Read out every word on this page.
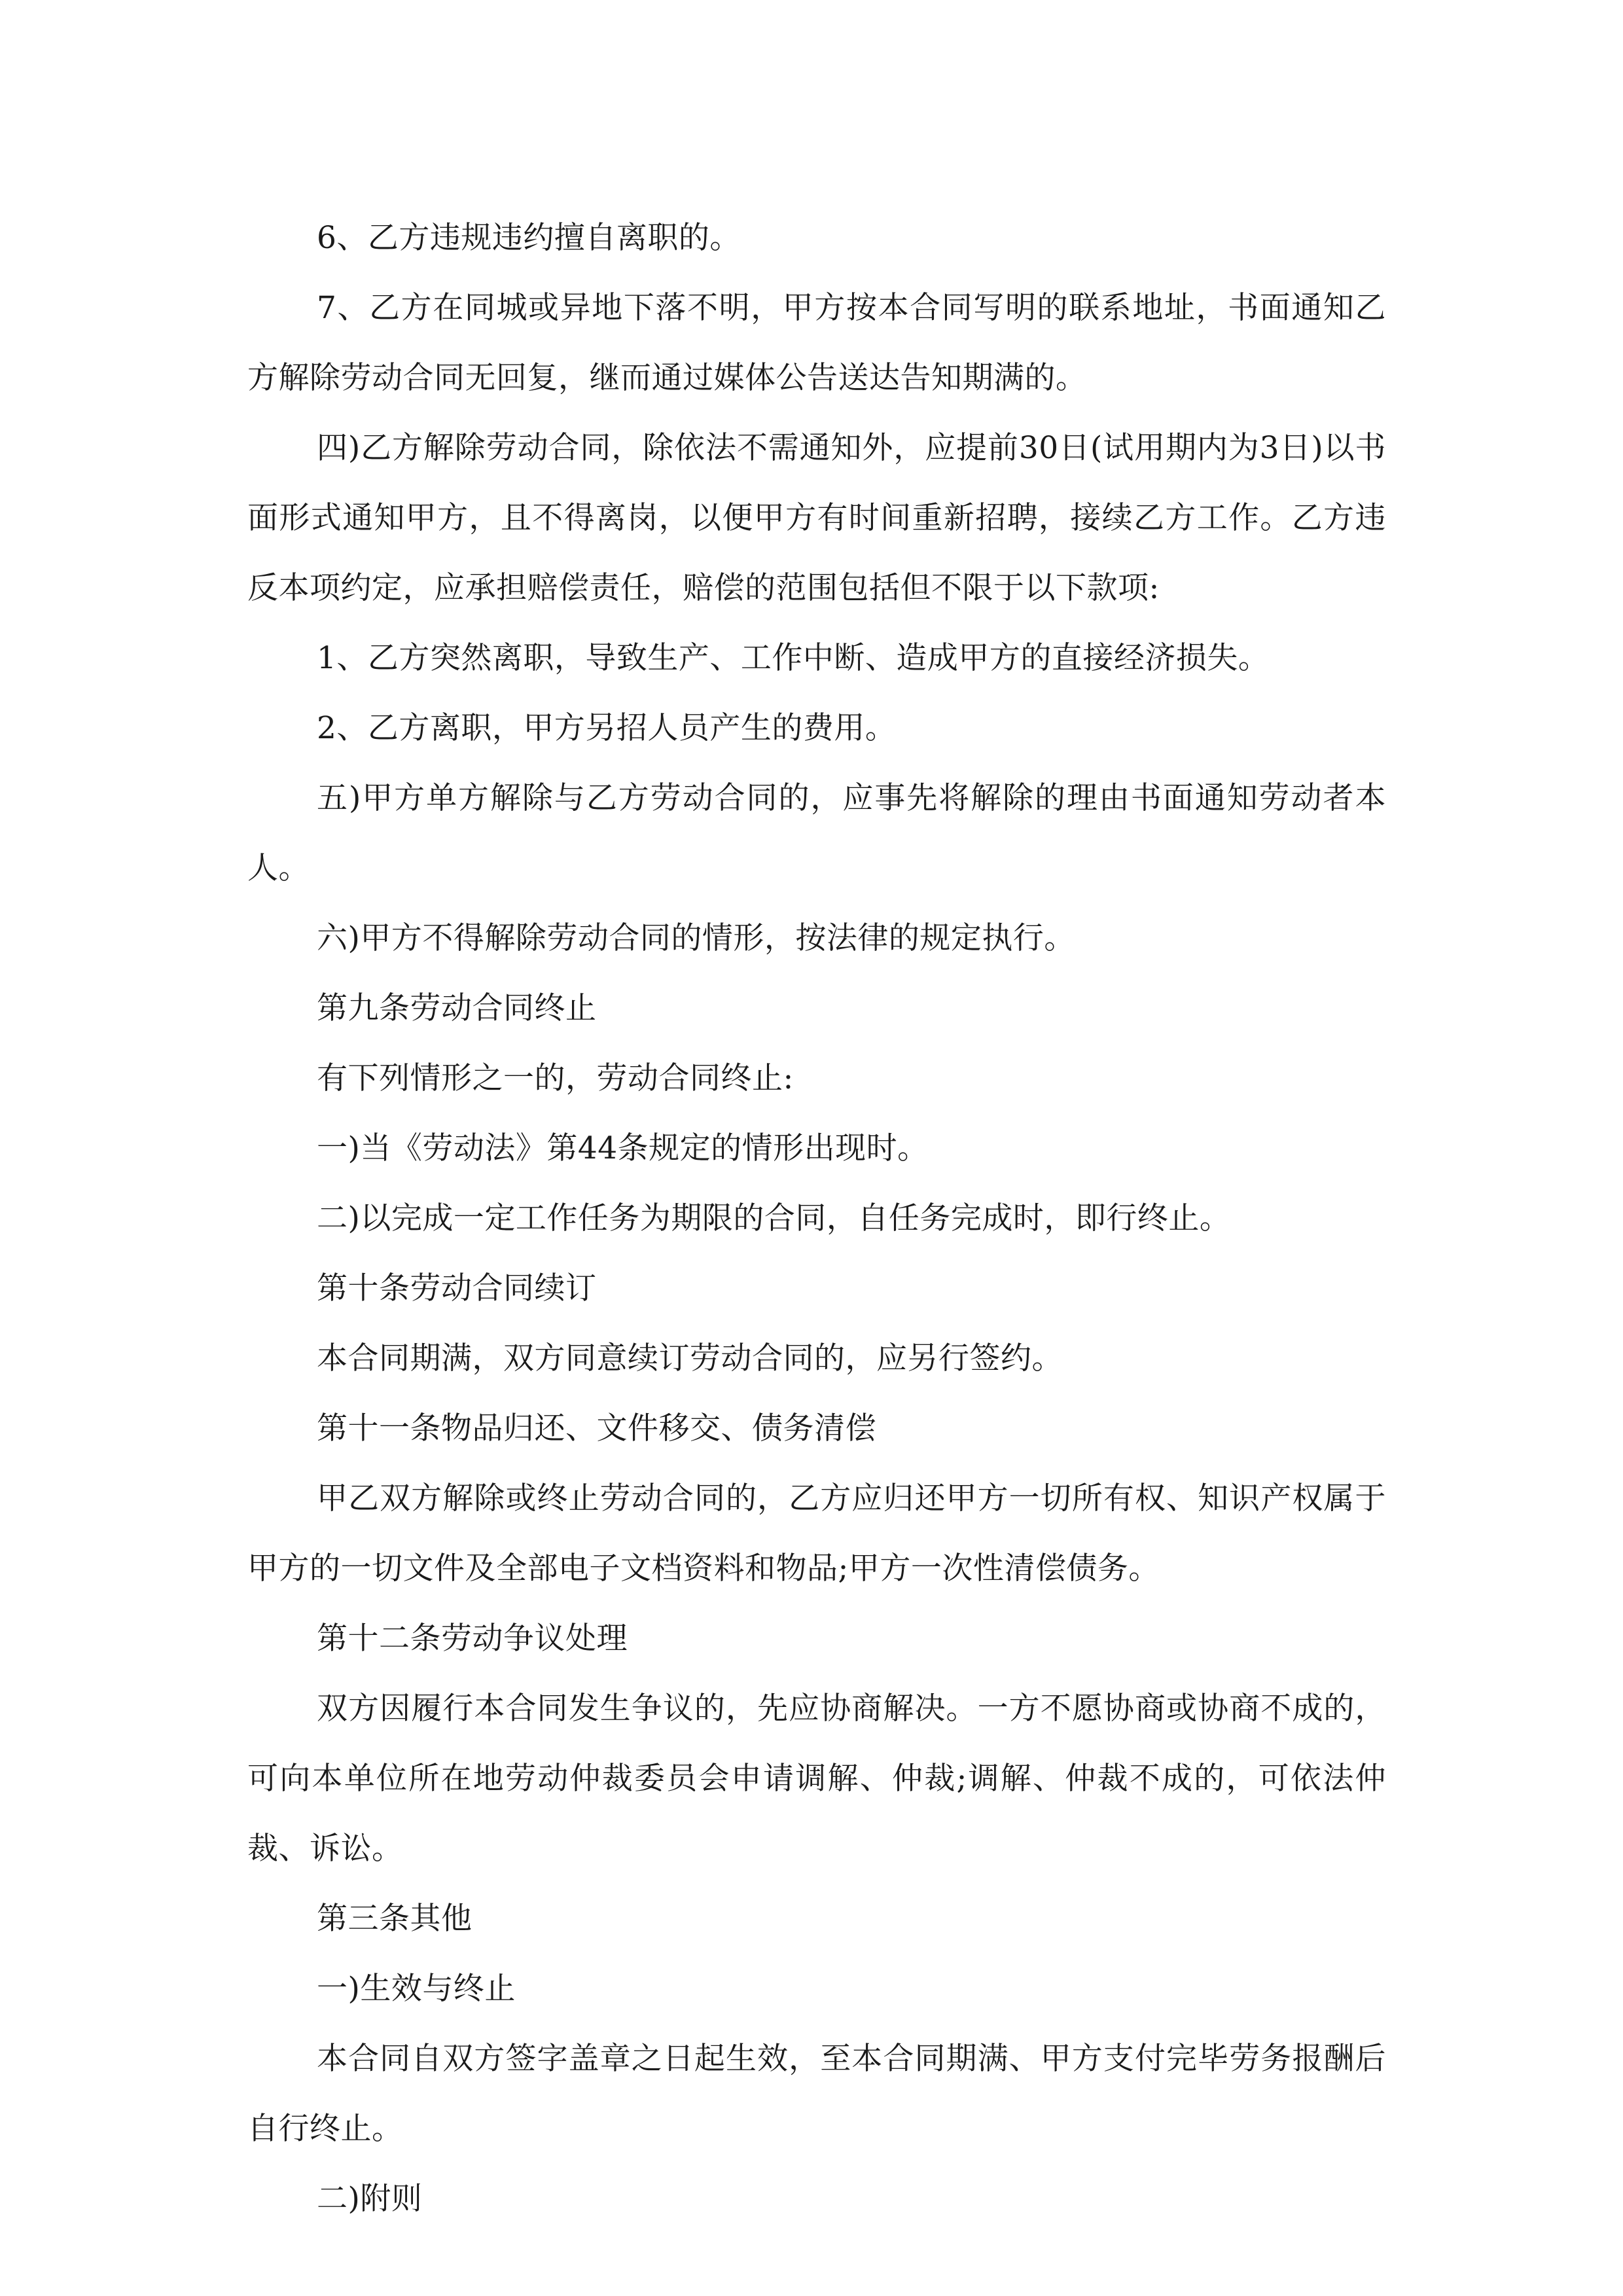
6、乙方违规违约擅自离职的。

7、乙方在同城或异地下落不明，甲方按本合同写明的联系地址，书面通知乙方解除劳动合同无回复，继而通过媒体公告送达告知期满的。

四)乙方解除劳动合同，除依法不需通知外，应提前30日(试用期内为3日)以书面形式通知甲方，且不得离岗，以便甲方有时间重新招聘，接续乙方工作。乙方违反本项约定，应承担赔偿责任，赔偿的范围包括但不限于以下款项:

1、乙方突然离职，导致生产、工作中断、造成甲方的直接经济损失。

2、乙方离职，甲方另招人员产生的费用。

五)甲方单方解除与乙方劳动合同的，应事先将解除的理由书面通知劳动者本人。

六)甲方不得解除劳动合同的情形，按法律的规定执行。

第九条劳动合同终止

有下列情形之一的，劳动合同终止:

一)当《劳动法》第44条规定的情形出现时。

二)以完成一定工作任务为期限的合同，自任务完成时，即行终止。

第十条劳动合同续订

本合同期满，双方同意续订劳动合同的，应另行签约。

第十一条物品归还、文件移交、债务清偿

甲乙双方解除或终止劳动合同的，乙方应归还甲方一切所有权、知识产权属于甲方的一切文件及全部电子文档资料和物品;甲方一次性清偿债务。

第十二条劳动争议处理

双方因履行本合同发生争议的，先应协商解决。一方不愿协商或协商不成的，可向本单位所在地劳动仲裁委员会申请调解、仲裁;调解、仲裁不成的，可依法仲裁、诉讼。

第三条其他

一)生效与终止

本合同自双方签字盖章之日起生效，至本合同期满、甲方支付完毕劳务报酬后自行终止。

二)附则
